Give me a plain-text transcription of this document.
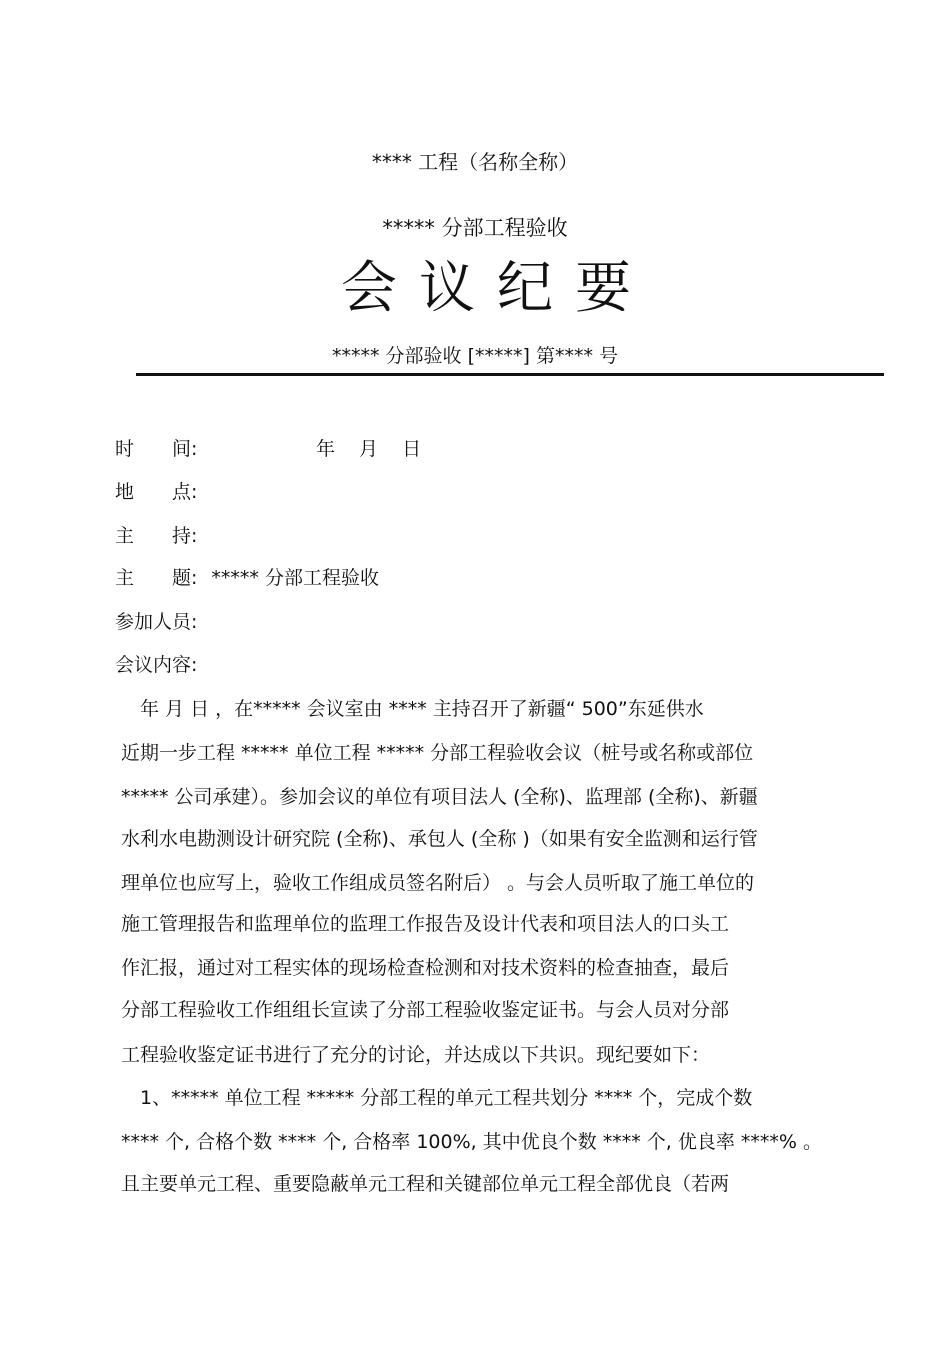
**** 工程（名称全称）
***** 分部工程验收
会议纪要
***** 分部验收 [*****] 第**** 号
时　　间:	年 月 日
地　　点:
主　　持:
主　　题: ***** 分部工程验收
参加人员:
会议内容:
年 月 日 ，在***** 会议室由 **** 主持召开了新疆“ 500”东延供水
近期一步工程 ***** 单位工程 ***** 分部工程验收会议（桩号或名称或部位
***** 公司承建）。参加会议的单位有项目法人 (全称)、监理部 (全称)、新疆
水利水电勘测设计研究院 (全称)、承包人 (全称 )（如果有安全监测和运行管
理单位也应写上，验收工作组成员签名附后） 。与会人员听取了施工单位的
施工管理报告和监理单位的监理工作报告及设计代表和项目法人的口头工
作汇报，通过对工程实体的现场检查检测和对技术资料的检查抽查，最后
分部工程验收工作组组长宣读了分部工程验收鉴定证书。与会人员对分部
工程验收鉴定证书进行了充分的讨论，并达成以下共识。现纪要如下：
1、***** 单位工程 ***** 分部工程的单元工程共划分 **** 个，完成个数
**** 个, 合格个数 **** 个, 合格率 100%, 其中优良个数 **** 个, 优良率 ****% 。
且主要单元工程、重要隐蔽单元工程和关键部位单元工程全部优良（若两
